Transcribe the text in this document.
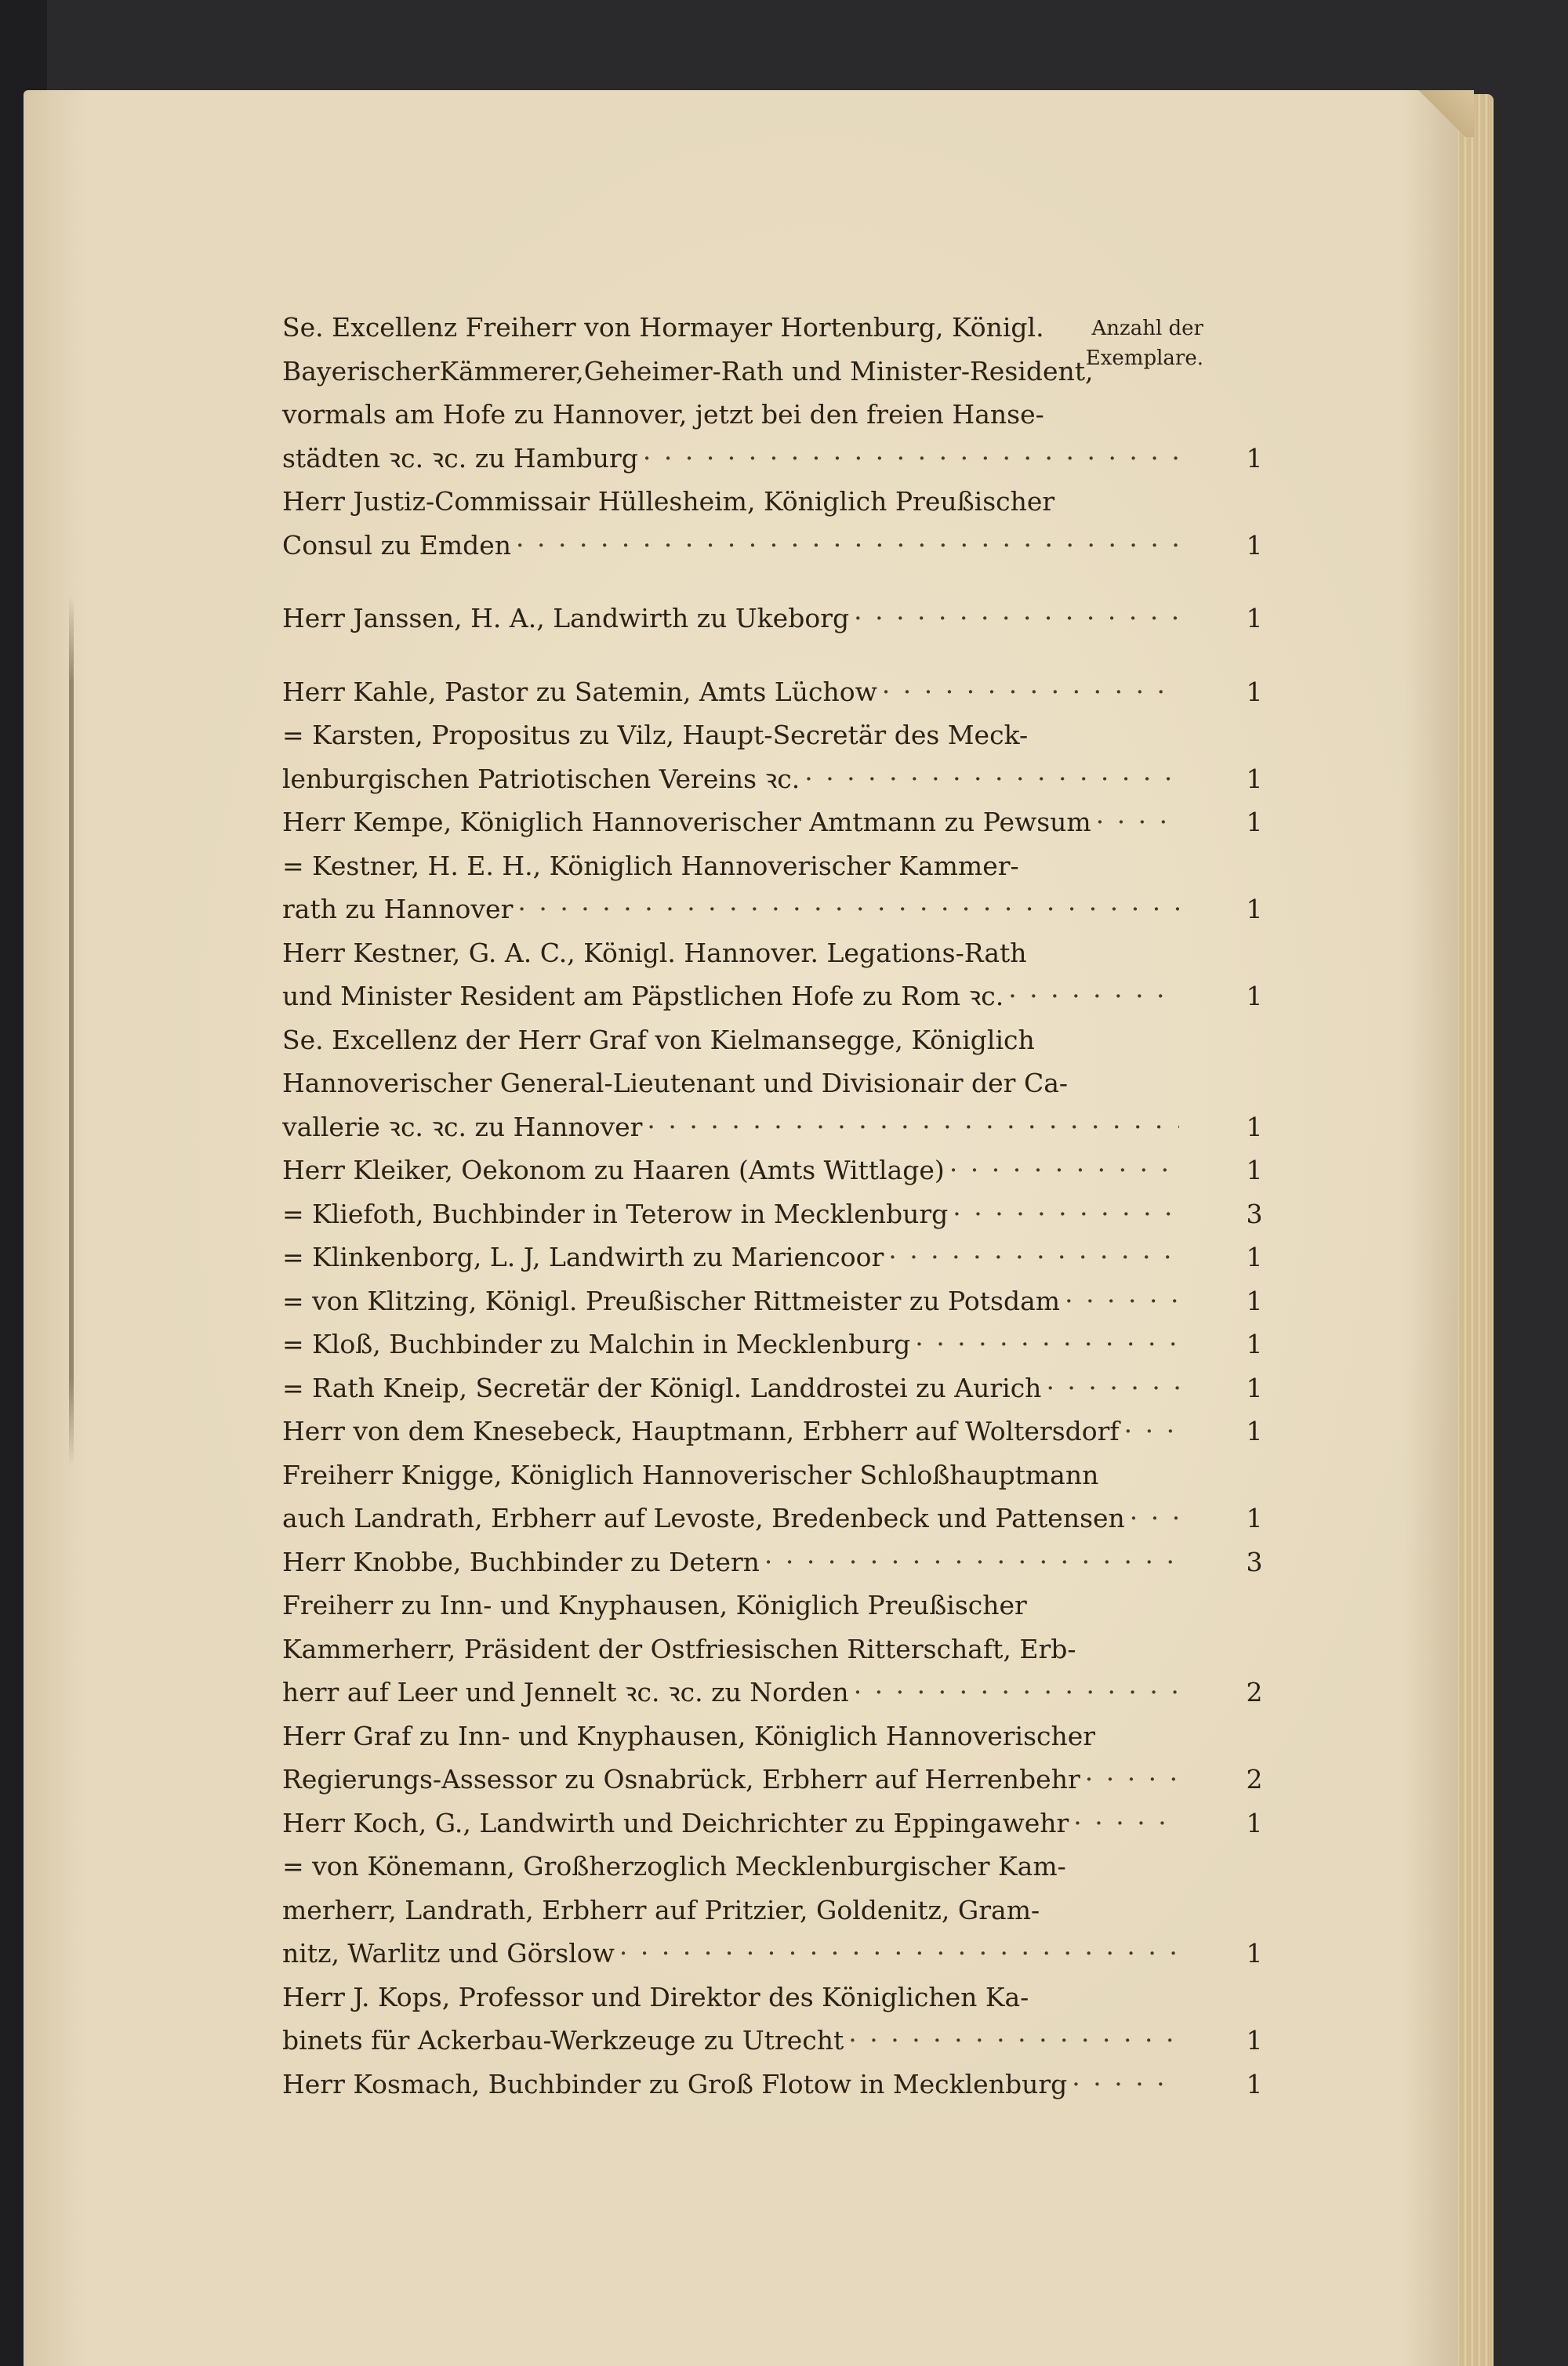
Anzahl der
Exemplare.
Se. Excellenz Freiherr von Hormayer Hortenburg, Königl.
BayerischerKämmerer,Geheimer-Rath und Minister-Resident,
vormals am Hofe zu Hannover, jetzt bei den freien Hanse-
städten ꝛc. ꝛc. zu Hamburg · · ·	1
Herr Justiz-Commissair Hüllesheim, Königlich Preußischer
Consul zu Emden · · ·	1
Herr Janssen, H. A., Landwirth zu Ukeborg · · ·	1
Herr Kahle, Pastor zu Satemin, Amts Lüchow · · ·	1
= Karsten, Propositus zu Vilz, Haupt-Secretär des Meck-
lenburgischen Patriotischen Vereins ꝛc. · · ·	1
Herr Kempe, Königlich Hannoverischer Amtmann zu Pewsum · · ·	1
= Kestner, H. E. H., Königlich Hannoverischer Kammer-
rath zu Hannover · · ·	1
Herr Kestner, G. A. C., Königl. Hannover. Legations-Rath
und Minister Resident am Päpstlichen Hofe zu Rom ꝛc. · · ·	1
Se. Excellenz der Herr Graf von Kielmansegge, Königlich
Hannoverischer General-Lieutenant und Divisionair der Ca-
vallerie ꝛc. ꝛc. zu Hannover · · ·	1
Herr Kleiker, Oekonom zu Haaren (Amts Wittlage) · · ·	1
= Kliefoth, Buchbinder in Teterow in Mecklenburg · · ·	3
= Klinkenborg, L. J, Landwirth zu Mariencoor · · ·	1
= von Klitzing, Königl. Preußischer Rittmeister zu Potsdam · · ·	1
= Kloß, Buchbinder zu Malchin in Mecklenburg · · ·	1
= Rath Kneip, Secretär der Königl. Landdrostei zu Aurich · · ·	1
Herr von dem Knesebeck, Hauptmann, Erbherr auf Woltersdorf · · ·	1
Freiherr Knigge, Königlich Hannoverischer Schloßhauptmann
auch Landrath, Erbherr auf Levoste, Bredenbeck und Pattensen · · ·	1
Herr Knobbe, Buchbinder zu Detern · · ·	3
Freiherr zu Inn- und Knyphausen, Königlich Preußischer
Kammerherr, Präsident der Ostfriesischen Ritterschaft, Erb-
herr auf Leer und Jennelt ꝛc. ꝛc. zu Norden · · ·	2
Herr Graf zu Inn- und Knyphausen, Königlich Hannoverischer
Regierungs-Assessor zu Osnabrück, Erbherr auf Herrenbehr · · ·	2
Herr Koch, G., Landwirth und Deichrichter zu Eppingawehr · · ·	1
= von Könemann, Großherzoglich Mecklenburgischer Kam-
merherr, Landrath, Erbherr auf Pritzier, Goldenitz, Gram-
nitz, Warlitz und Görslow · · ·	1
Herr J. Kops, Professor und Direktor des Königlichen Ka-
binets für Ackerbau-Werkzeuge zu Utrecht · · ·	1
Herr Kosmach, Buchbinder zu Groß Flotow in Mecklenburg · · ·	1
